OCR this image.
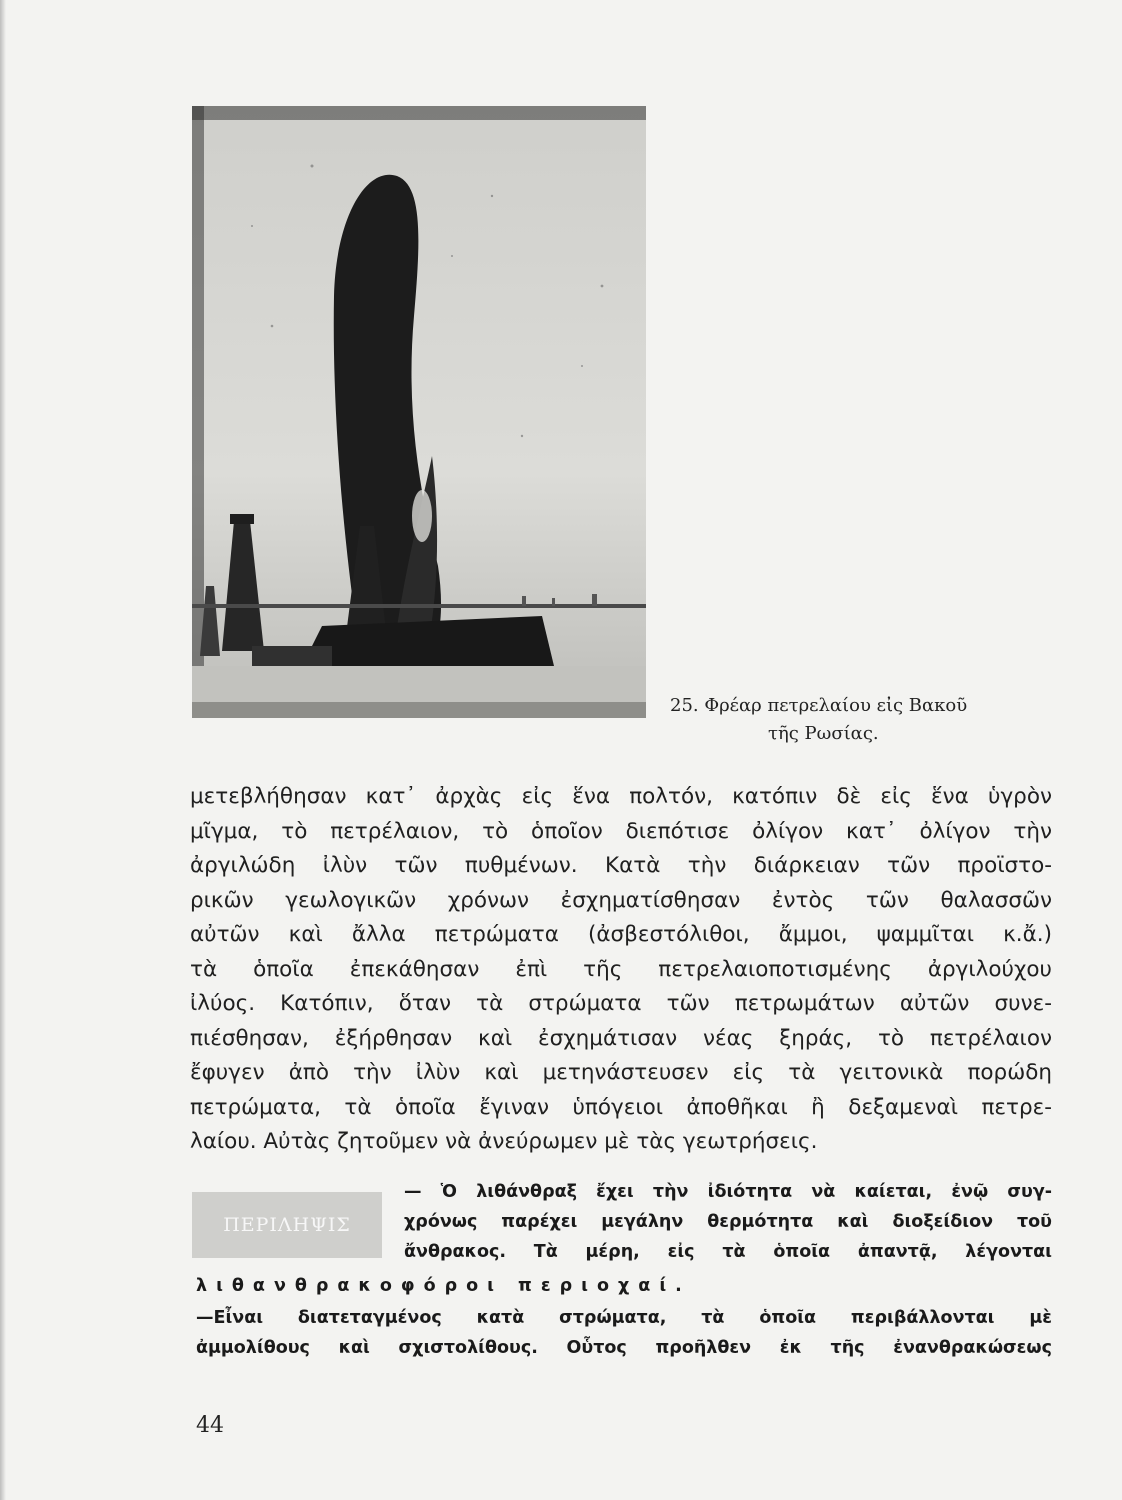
25. Φρέαρ πετρελαίου εἰς Βακοῦ
τῆς Ρωσίας.
μετεβλήθησαν κατ᾽ ἀρχὰς εἰς ἕνα πολτόν, κατόπιν δὲ εἰς ἕνα ὑγρὸν
μῖγμα, τὸ πετρέλαιον, τὸ ὁποῖον διεπότισε ὀλίγον κατ᾽ ὀλίγον τὴν
ἀργιλώδη ἰλὺν τῶν πυθμένων. Κατὰ τὴν διάρκειαν τῶν προϊστο-
ρικῶν γεωλογικῶν χρόνων ἐσχηματίσθησαν ἐντὸς τῶν θαλασσῶν
αὐτῶν καὶ ἄλλα πετρώματα (ἀσβεστόλιθοι, ἄμμοι, ψαμμῖται κ.ἄ.)
τὰ ὁποῖα ἐπεκάθησαν ἐπὶ τῆς πετρελαιοποτισμένης ἀργιλούχου
ἰλύος. Κατόπιν, ὅταν τὰ στρώματα τῶν πετρωμάτων αὐτῶν συνε-
πιέσθησαν, ἐξήρθησαν καὶ ἐσχημάτισαν νέας ξηράς, τὸ πετρέλαιον
ἔφυγεν ἀπὸ τὴν ἰλὺν καὶ μετηνάστευσεν εἰς τὰ γειτονικὰ πορώδη
πετρώματα, τὰ ὁποῖα ἔγιναν ὑπόγειοι ἀποθῆκαι ἢ δεξαμεναὶ πετρε-
λαίου. Αὐτὰς ζητοῦμεν νὰ ἀνεύρωμεν μὲ τὰς γεωτρήσεις.
ΠΕΡΙΛΗΨΙΣ
— Ὁ λιθάνθραξ ἔχει τὴν ἰδιότητα νὰ καίεται, ἐνῷ συγ-
χρόνως παρέχει μεγάλην θερμότητα καὶ διοξείδιον τοῦ
ἄνθρακος. Τὰ μέρη, εἰς τὰ ὁποῖα ἀπαντᾷ, λέγονται
λιθανθρακοφόροι περιοχαί.
—Εἶναι διατεταγμένος κατὰ στρώματα, τὰ ὁποῖα περιβάλλονται μὲ
ἀμμολίθους καὶ σχιστολίθους. Οὗτος προῆλθεν ἐκ τῆς ἐνανθρακώσεως
44
